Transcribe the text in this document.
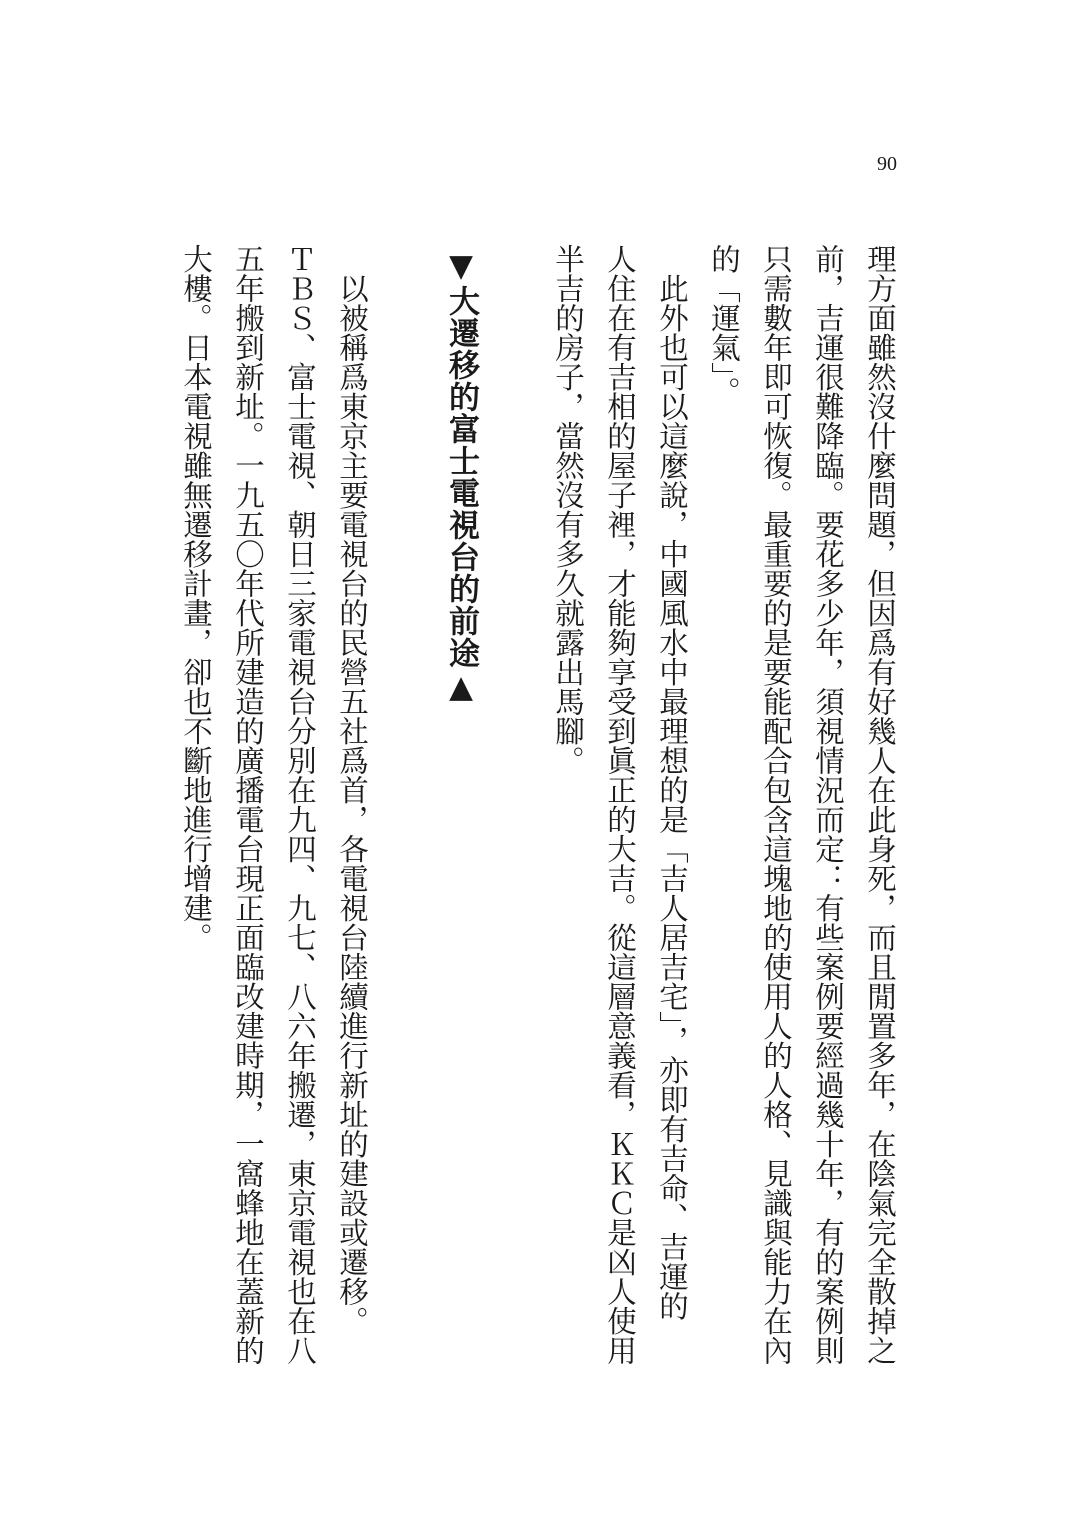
90
理方面雖然沒什麼問題，但因爲有好幾人在此身死，而且閒置多年，在陰氣完全散掉之
前，吉運很難降臨。要花多少年，須視情況而定：有些案例要經過幾十年，有的案例則
只需數年即可恢復。最重要的是要能配合包含這塊地的使用人的人格、見識與能力在內
的「運氣」。
　此外也可以這麼說，中國風水中最理想的是「吉人居吉宅」，亦即有吉命、吉運的
人住在有吉相的屋子裡，才能夠享受到眞正的大吉。從這層意義看，ＫＫＣ是凶人使用
半吉的房子，當然沒有多久就露出馬腳。
▼大遷移的富士電視台的前途▲
　以被稱爲東京主要電視台的民營五社爲首，各電視台陸續進行新址的建設或遷移。
ＴＢＳ、富士電視、朝日三家電視台分別在九四、九七、八六年搬遷，東京電視也在八
五年搬到新址。一九五〇年代所建造的廣播電台現正面臨改建時期，一窩蜂地在蓋新的
大樓。日本電視雖無遷移計畫，卻也不斷地進行增建。
